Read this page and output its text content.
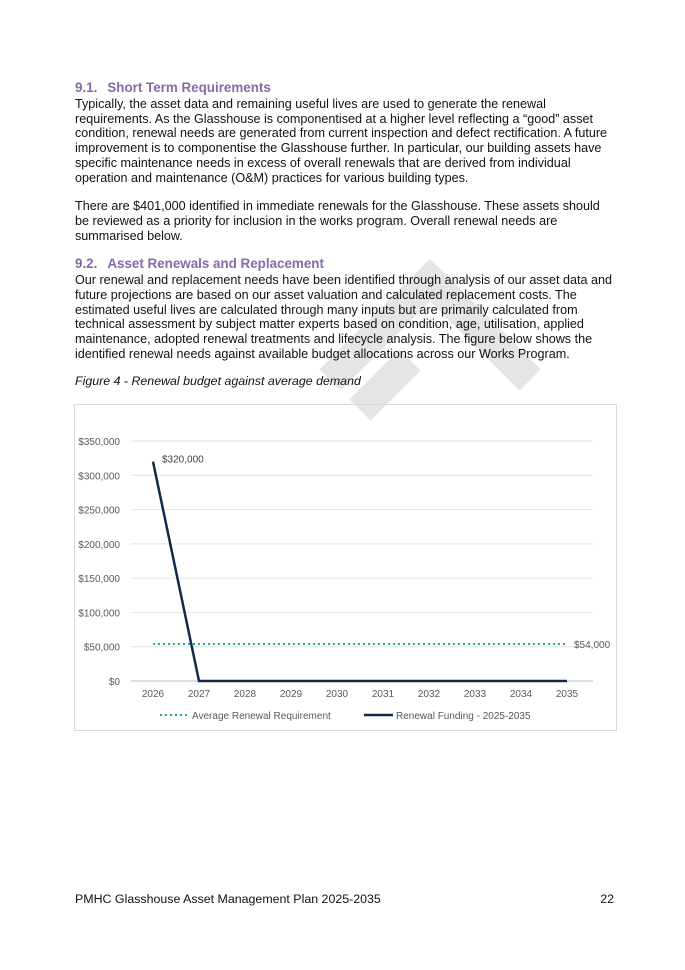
9.1. Short Term Requirements

Typically, the asset data and remaining useful lives are used to generate the renewal requirements. As the Glasshouse is componentised at a higher level reflecting a “good” asset condition, renewal needs are generated from current inspection and defect rectification. A future improvement is to componentise the Glasshouse further. In particular, our building assets have specific maintenance needs in excess of overall renewals that are derived from individual operation and maintenance (O&M) practices for various building types.

There are $401,000 identified in immediate renewals for the Glasshouse. These assets should be reviewed as a priority for inclusion in the works program. Overall renewal needs are summarised below.

9.2. Asset Renewals and Replacement

Our renewal and replacement needs have been identified through analysis of our asset data and future projections are based on our asset valuation and calculated replacement costs. The estimated useful lives are calculated through many inputs but are primarily calculated from technical assessment by subject matter experts based on condition, age, utilisation, applied maintenance, adopted renewal treatments and lifecycle analysis. The figure below shows the identified renewal needs against available budget allocations across our Works Program.

Figure 4 - Renewal budget against average demand

$0
$50,000
$100,000
$150,000
$200,000
$250,000
$300,000
$350,000
2026 2027 2028 2029 2030 2031 2032 2033 2034 2035
$54,000
$320,000
Average Renewal Requirement	Renewal Funding - 2025-2035
PMHC Glasshouse Asset Management Plan 2025-2035	22
